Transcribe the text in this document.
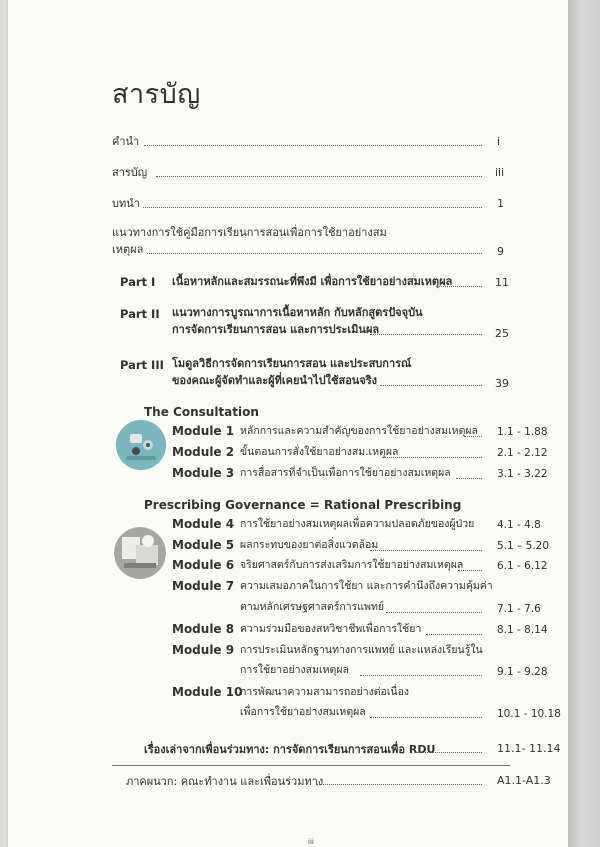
สารบัญ
คำนำ	i
สารบัญ	iii
บทนำ	1
แนวทางการใช้คู่มือการเรียนการสอนเพื่อการใช้ยาอย่างสม
เหตุผล	9
Part I เนื้อหาหลักและสมรรถนะที่พึงมี เพื่อการใช้ยาอย่างสมเหตุผล	11
Part II แนวทางการบูรณาการเนื้อหาหลัก กับหลักสูตรปัจจุบัน
การจัดการเรียนการสอน และการประเมินผล	25
Part III โมดูลวิธีการจัดการเรียนการสอน และประสบการณ์
ของคณะผู้จัดทำและผู้ที่เคยนำไปใช้สอนจริง	39
The Consultation
Module 1 หลักการและความสำคัญของการใช้ยาอย่างสมเหตุผล 1.1 - 1.88
Module 2 ขั้นตอนการสั่งใช้ยาอย่างสม.เหตุผล	2.1 - 2.12
Module 3 การสื่อสารที่จำเป็นเพื่อการใช้ยาอย่างสมเหตุผล	3.1 - 3.22
Prescribing Governance = Rational Prescribing
Module 4 การใช้ยาอย่างสมเหตุผลเพื่อความปลอดภัยของผู้ป่วย 4.1 - 4.8
Module 5 ผลกระทบของยาต่อสิ่งแวดล้อม	5.1 – 5.20
Module 6 จริยศาสตร์กับการส่งเสริมการใช้ยาอย่างสมเหตุผล	6.1 - 6.12
Module 7 ความเสมอภาคในการใช้ยา และการคำนึงถึงความคุ้มค่า
ตามหลักเศรษฐศาสตร์การแพทย์	7.1 - 7.6
Module 8 ความร่วมมือของสหวิชาชีพเพื่อการใช้ยา	8.1 - 8.14
Module 9 การประเมินหลักฐานทางการแพทย์ และแหล่งเรียนรู้ใน
การใช้ยาอย่างสมเหตุผล	9.1 - 9.28
Module 10
การพัฒนาความสามารถอย่างต่อเนื่อง
เพื่อการใช้ยาอย่างสมเหตุผล	10.1 - 10.18
เรื่องเล่าจากเพื่อนร่วมทาง: การจัดการเรียนการสอนเพื่อ RDU	11.1- 11.14
ภาคผนวก: คณะทำงาน และเพื่อนร่วมทาง	A1.1-A1.3
iii
